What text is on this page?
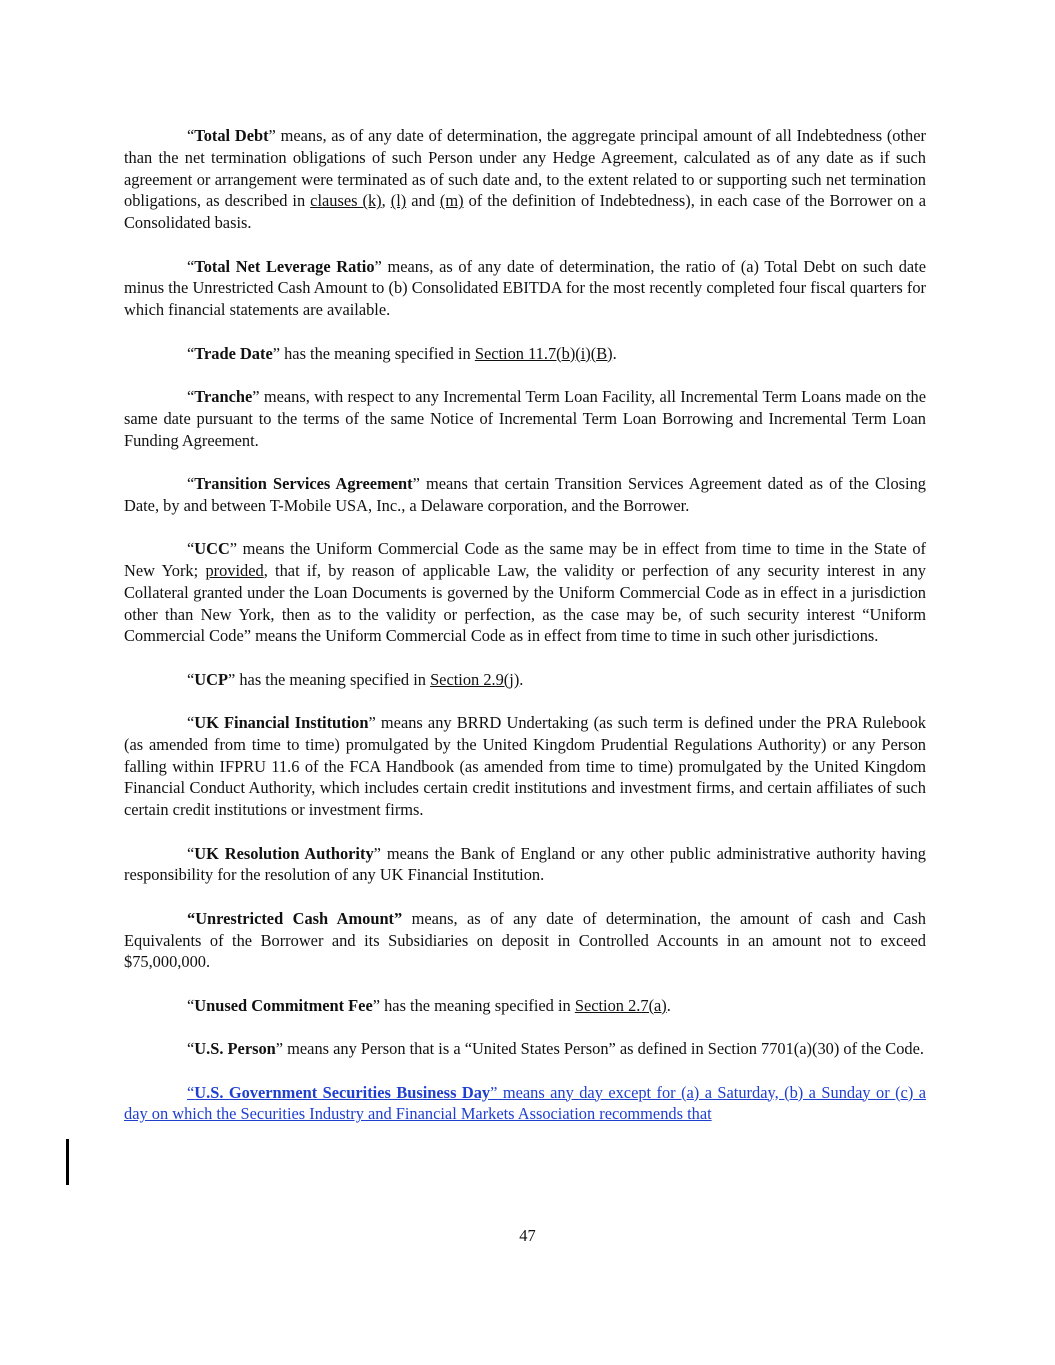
“Total Debt” means, as of any date of determination, the aggregate principal amount of all Indebtedness (other than the net termination obligations of such Person under any Hedge Agreement, calculated as of any date as if such agreement or arrangement were terminated as of such date and, to the extent related to or supporting such net termination obligations, as described in clauses (k), (l) and (m) of the definition of Indebtedness), in each case of the Borrower on a Consolidated basis.

“Total Net Leverage Ratio” means, as of any date of determination, the ratio of (a) Total Debt on such date minus the Unrestricted Cash Amount to (b) Consolidated EBITDA for the most recently completed four fiscal quarters for which financial statements are available.

“Trade Date” has the meaning specified in Section 11.7(b)(i)(B).

“Tranche” means, with respect to any Incremental Term Loan Facility, all Incremental Term Loans made on the same date pursuant to the terms of the same Notice of Incremental Term Loan Borrowing and Incremental Term Loan Funding Agreement.

“Transition Services Agreement” means that certain Transition Services Agreement dated as of the Closing Date, by and between T-Mobile USA, Inc., a Delaware corporation, and the Borrower.

“UCC” means the Uniform Commercial Code as the same may be in effect from time to time in the State of New York; provided, that if, by reason of applicable Law, the validity or perfection of any security interest in any Collateral granted under the Loan Documents is governed by the Uniform Commercial Code as in effect in a jurisdiction other than New York, then as to the validity or perfection, as the case may be, of such security interest “Uniform Commercial Code” means the Uniform Commercial Code as in effect from time to time in such other jurisdictions.

“UCP” has the meaning specified in Section 2.9(j).

“UK Financial Institution” means any BRRD Undertaking (as such term is defined under the PRA Rulebook (as amended from time to time) promulgated by the United Kingdom Prudential Regulations Authority) or any Person falling within IFPRU 11.6 of the FCA Handbook (as amended from time to time) promulgated by the United Kingdom Financial Conduct Authority, which includes certain credit institutions and investment firms, and certain affiliates of such certain credit institutions or investment firms.

“UK Resolution Authority” means the Bank of England or any other public administrative authority having responsibility for the resolution of any UK Financial Institution.

“Unrestricted Cash Amount” means, as of any date of determination, the amount of cash and Cash Equivalents of the Borrower and its Subsidiaries on deposit in Controlled Accounts in an amount not to exceed $75,000,000.

“Unused Commitment Fee” has the meaning specified in Section 2.7(a).

“U.S. Person” means any Person that is a “United States Person” as defined in Section 7701(a)(30) of the Code.

“U.S. Government Securities Business Day” means any day except for (a) a Saturday, (b) a Sunday or (c) a day on which the Securities Industry and Financial Markets Association recommends that

47
